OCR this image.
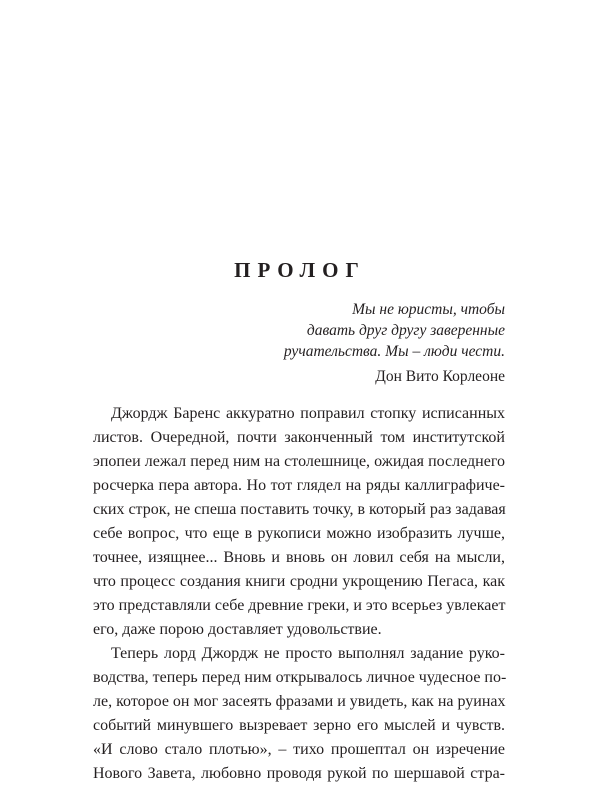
ПРОЛОГ
Мы не юристы, чтобы
давать друг другу заверенные
ручательства. Мы – люди чести.
Дон Вито Корлеоне
Джордж Баренс аккуратно поправил стопку исписанных
листов. Очередной, почти законченный том институтской
эпопеи лежал перед ним на столешнице, ожидая последнего
росчерка пера автора. Но тот глядел на ряды каллиграфиче-
ских строк, не спеша поставить точку, в который раз задавая
себе вопрос, что еще в рукописи можно изобразить лучше,
точнее, изящнее... Вновь и вновь он ловил себя на мысли,
что процесс создания книги сродни укрощению Пегаса, как
это представляли себе древние греки, и это всерьез увлекает
его, даже порою доставляет удовольствие.
Теперь лорд Джордж не просто выполнял задание руко-
водства, теперь перед ним открывалось личное чудесное по-
ле, которое он мог засеять фразами и увидеть, как на руинах
событий минувшего вызревает зерно его мыслей и чувств.
«И слово стало плотью», – тихо прошептал он изречение
Нового Завета, любовно проводя рукой по шершавой стра-
